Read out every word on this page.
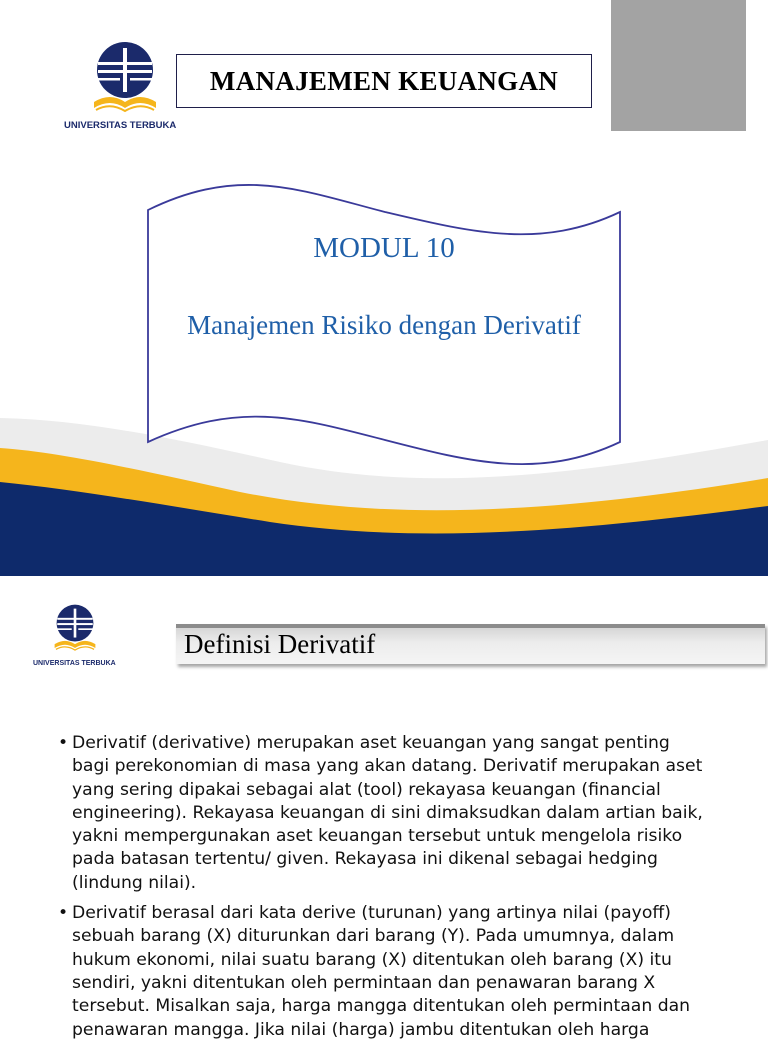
UNIVERSITAS TERBUKA
MANAJEMEN KEUANGAN
MODUL 10
Manajemen Risiko dengan Derivatif
UNIVERSITAS TERBUKA
Definisi Derivatif
• Derivatif (derivative) merupakan aset keuangan yang sangat penting bagi perekonomian di masa yang akan datang. Derivatif merupakan aset yang sering dipakai sebagai alat (tool) rekayasa keuangan (financial engineering). Rekayasa keuangan di sini dimaksudkan dalam artian baik, yakni mempergunakan aset keuangan tersebut untuk mengelola risiko pada batasan tertentu/ given. Rekayasa ini dikenal sebagai hedging (lindung nilai).
• Derivatif berasal dari kata derive (turunan) yang artinya nilai (payoff) sebuah barang (X) diturunkan dari barang (Y). Pada umumnya, dalam hukum ekonomi, nilai suatu barang (X) ditentukan oleh barang (X) itu sendiri, yakni ditentukan oleh permintaan dan penawaran barang X tersebut. Misalkan saja, harga mangga ditentukan oleh permintaan dan penawaran mangga. Jika nilai (harga) jambu ditentukan oleh harga
